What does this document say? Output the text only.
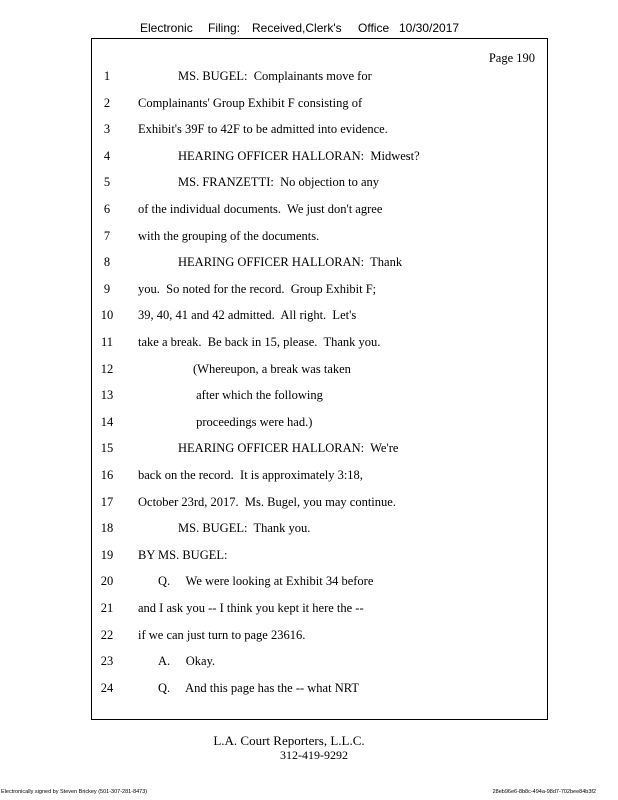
Electronic Filing: Received,Clerk's Office 10/30/2017
Page 190
1	MS. BUGEL:  Complainants move for
2	Complainants' Group Exhibit F consisting of
3	Exhibit's 39F to 42F to be admitted into evidence.
4	HEARING OFFICER HALLORAN:  Midwest?
5	MS. FRANZETTI:  No objection to any
6	of the individual documents.  We just don't agree
7	with the grouping of the documents.
8	HEARING OFFICER HALLORAN:  Thank
9	you.  So noted for the record.  Group Exhibit F;
10	39, 40, 41 and 42 admitted.  All right.  Let's
11	take a break.  Be back in 15, please.  Thank you.
12	(Whereupon, a break was taken
13	after which the following
14	proceedings were had.)
15	HEARING OFFICER HALLORAN:  We're
16	back on the record.  It is approximately 3:18,
17	October 23rd, 2017.  Ms. Bugel, you may continue.
18	MS. BUGEL:  Thank you.
19	BY MS. BUGEL:
20	Q.     We were looking at Exhibit 34 before
21	and I ask you -- I think you kept it here the --
22	if we can just turn to page 23616.
23	A.     Okay.
24	Q.     And this page has the -- what NRT
L.A. Court Reporters, L.L.C.
312-419-9292
Electronically signed by Steven Brickey (501-307-281-8473)	28eb96e6-8b8c-494a-98d7-702bee84b3f2
